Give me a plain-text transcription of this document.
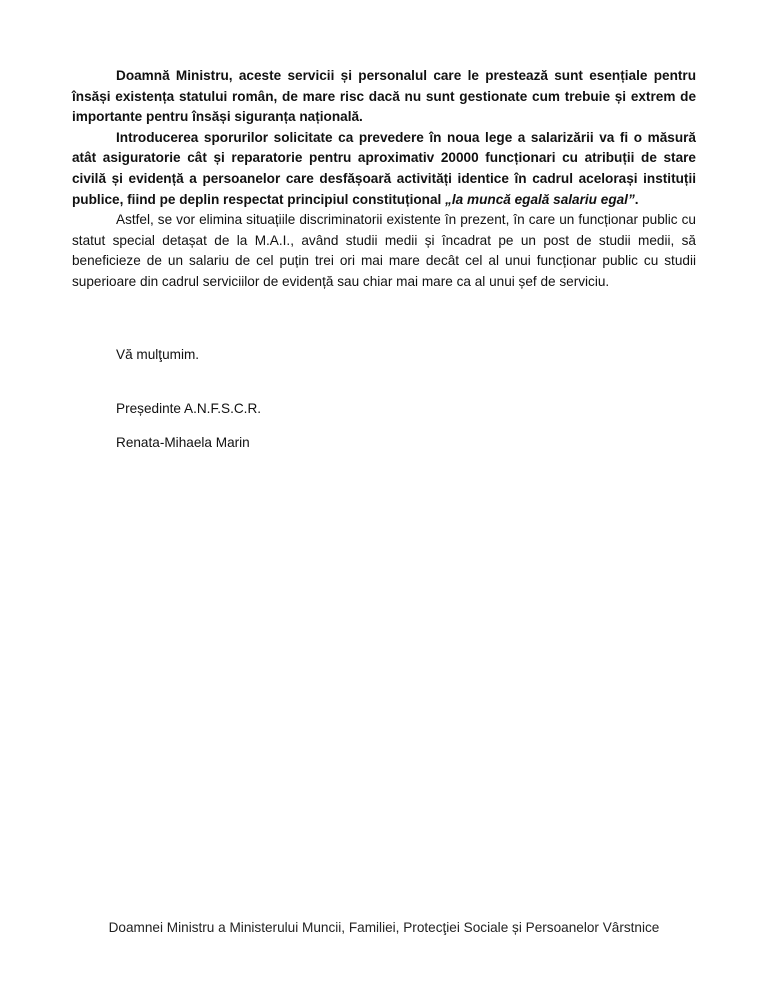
Doamnă Ministru, aceste servicii și personalul care le prestează sunt esențiale pentru însăși existența statului român, de mare risc dacă nu sunt gestionate cum trebuie și extrem de importante pentru însăși siguranța națională.

Introducerea sporurilor solicitate ca prevedere în noua lege a salarizării va fi o măsură atât asiguratorie cât și reparatorie pentru aproximativ 20000 funcționari cu atribuții de stare civilă și evidență a persoanelor care desfășoară activități identice în cadrul acelorași instituții publice, fiind pe deplin respectat principiul constituțional „la muncă egală salariu egal”.

Astfel, se vor elimina situațiile discriminatorii existente în prezent, în care un funcționar public cu statut special detașat de la M.A.I., având studii medii și încadrat pe un post de studii medii, să beneficieze de un salariu de cel puțin trei ori mai mare decât cel al unui funcționar public cu studii superioare din cadrul serviciilor de evidență sau chiar mai mare ca al unui șef de serviciu.

Vă mulţumim.

Președinte A.N.F.S.C.R.

Renata-Mihaela Marin

Doamnei Ministru a Ministerului Muncii, Familiei, Protecţiei Sociale și Persoanelor Vârstnice
